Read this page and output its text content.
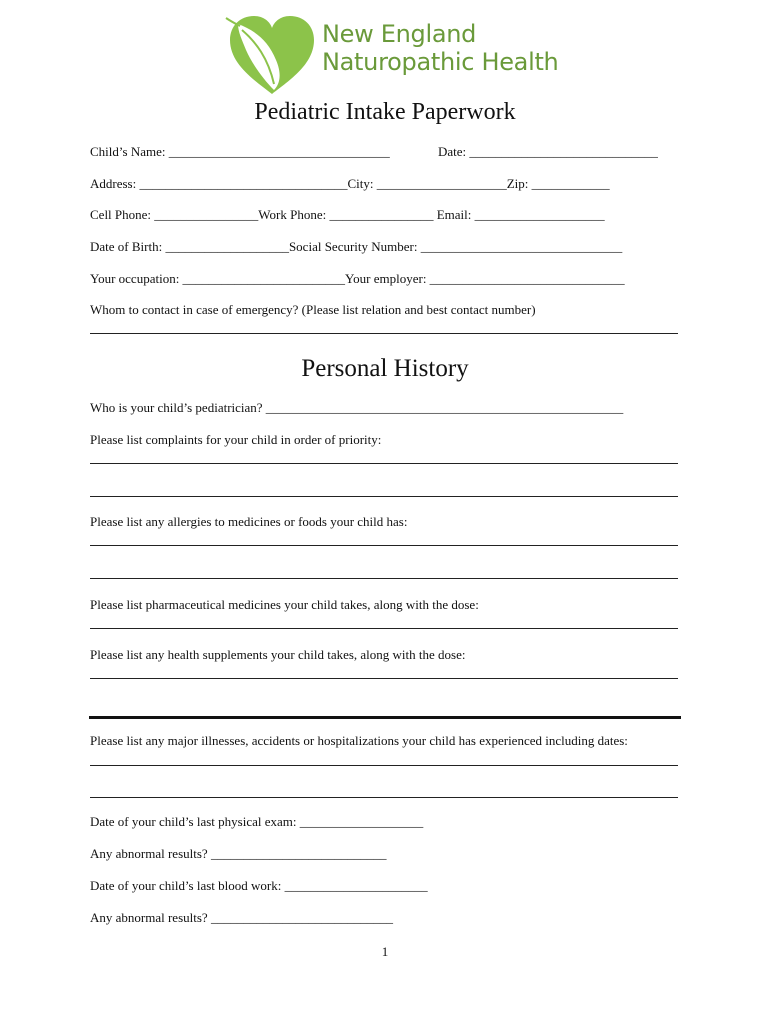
New England
Naturopathic Health
Pediatric Intake Paperwork
Child’s Name: __________________________________	Date: _____________________________
Address: ________________________________City: ____________________Zip: ____________
Cell Phone: ________________Work Phone: ________________ Email: ____________________
Date of Birth: ___________________Social Security Number: _______________________________
Your occupation: _________________________Your employer: ______________________________
Whom to contact in case of emergency? (Please list relation and best contact number)
Personal History
Who is your child’s pediatrician? _______________________________________________________
Please list complaints for your child in order of priority:
Please list any allergies to medicines or foods your child has:
Please list pharmaceutical medicines your child takes, along with the dose:
Please list any health supplements your child takes, along with the dose:
Please list any major illnesses, accidents or hospitalizations your child has experienced including dates:
Date of your child’s last physical exam: ___________________
Any abnormal results? ___________________________
Date of your child’s last blood work: ______________________
Any abnormal results? ____________________________
1
